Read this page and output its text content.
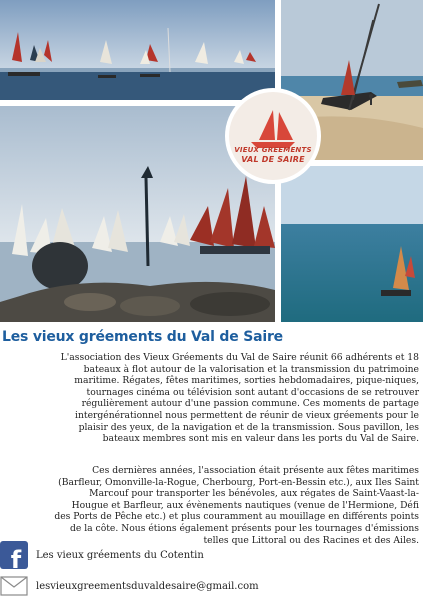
VIEUX GREEMENTS
VAL DE SAIRE
Les vieux gréements du Val de Saire

L'association des Vieux Gréements du Val de Saire réunit 66 adhérents et 18 bateaux à flot autour de la valorisation et la transmission du patrimoine maritime. Régates, fêtes maritimes, sorties hebdomadaires, pique-niques, tournages cinéma ou télévision sont autant d'occasions de se retrouver régulièrement autour d'une passion commune. Ces moments de partage intergénérationnel nous permettent de réunir de vieux gréements pour le plaisir des yeux, de la navigation et de la transmission. Sous pavillon, les bateaux membres sont mis en valeur dans les ports du Val de Saire.

Ces dernières années, l'association était présente aux fêtes maritimes (Barfleur, Omonville-la-Rogue, Cherbourg, Port-en-Bessin etc.), aux Iles Saint Marcouf pour transporter les bénévoles, aux régates de Saint-Vaast-la-Hougue et Barfleur, aux évènements nautiques (venue de l'Hermione, Défi des Ports de Pêche etc.) et plus couramment au mouillage en différents points de la côte. Nous étions également présents pour les tournages d'émissions telles que Littoral ou des Racines et des Ailes.

f Les vieux gréements du Cotentin
lesvieuxgreementsduvaldesaire@gmail.com
